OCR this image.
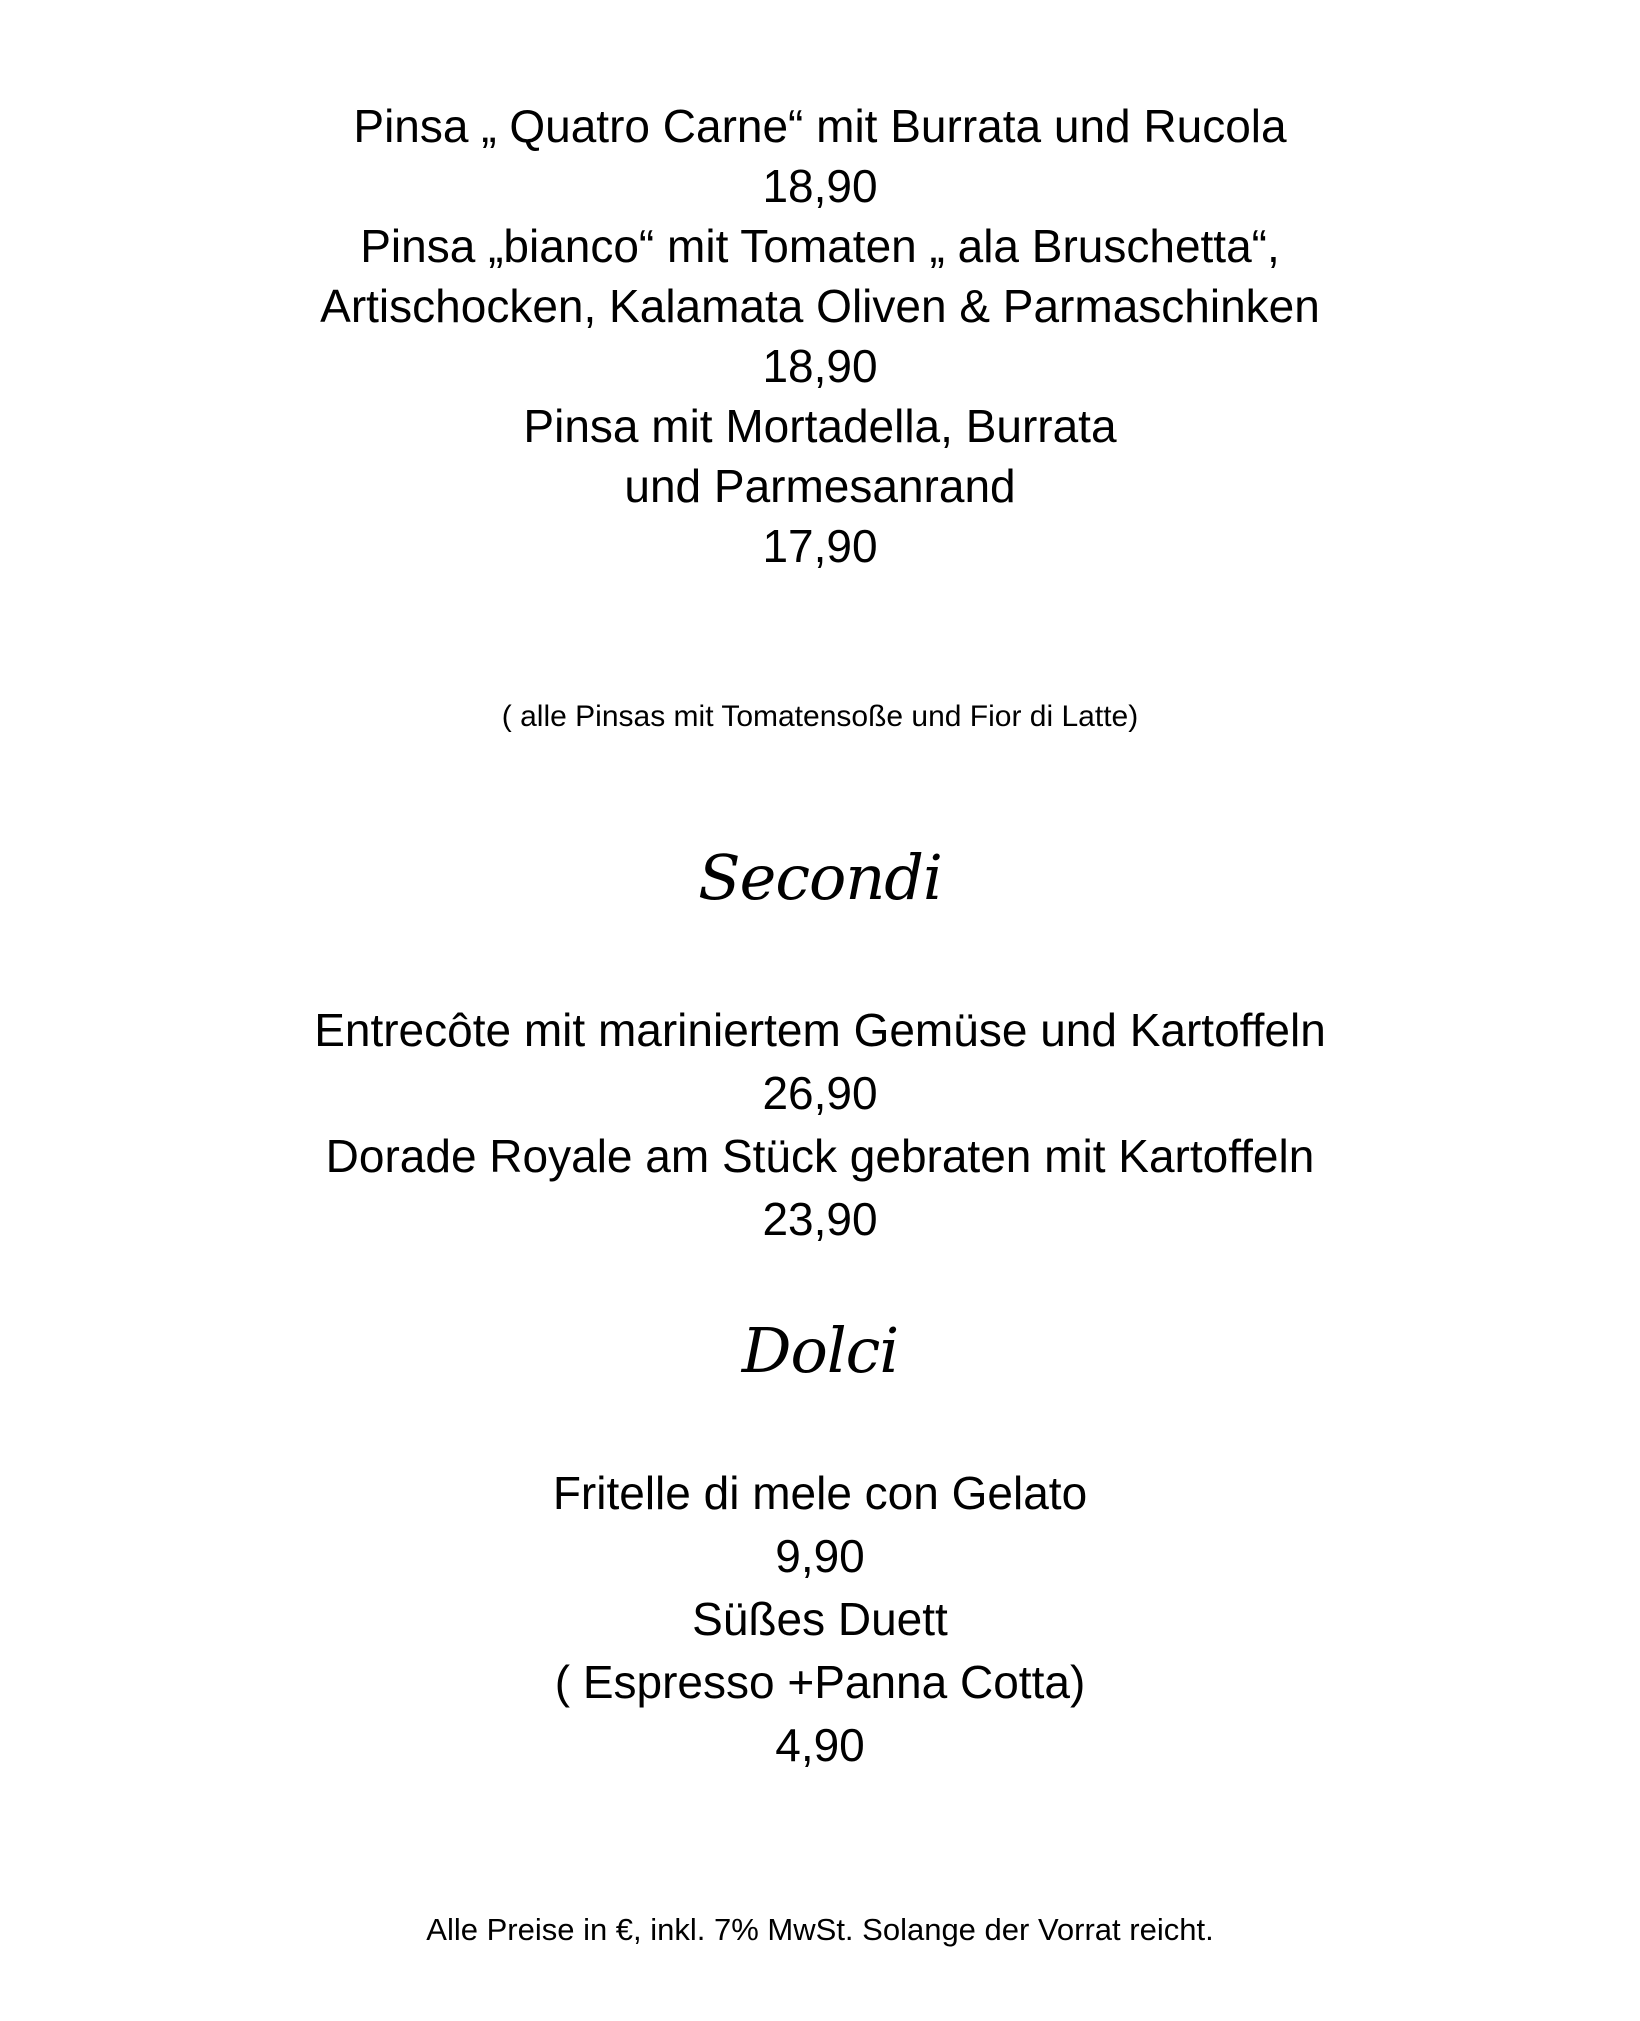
Pinsa „ Quatro Carne“ mit Burrata und Rucola
18,90
Pinsa „bianco“ mit Tomaten „ ala Bruschetta“,
Artischocken, Kalamata Oliven & Parmaschinken
18,90
Pinsa mit Mortadella, Burrata
und Parmesanrand
17,90
( alle Pinsas mit Tomatensoße und Fior di Latte)
Secondi
Entrecôte mit mariniertem Gemüse und Kartoffeln
26,90
Dorade Royale am Stück gebraten mit Kartoffeln
23,90
Dolci
Fritelle di mele con Gelato
9,90
Süßes Duett
( Espresso +Panna Cotta)
4,90
Alle Preise in €, inkl. 7% MwSt. Solange der Vorrat reicht.
